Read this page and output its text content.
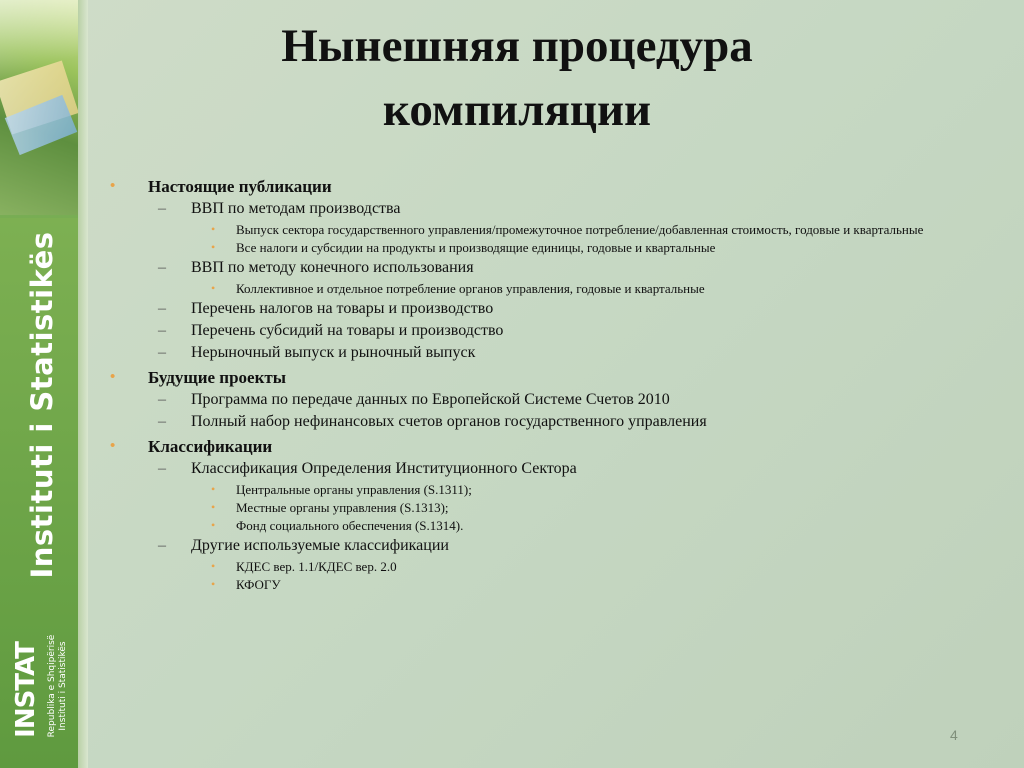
Instituti i Statistikës
INSTAT Republika e Shqipërisë Instituti i Statistikës
Нынешняя процедура
компиляции
• Настоящие публикации
– ВВП по методам производства
• Выпуск сектора государственного управления/промежуточное потребление/добавленная стоимость, годовые и квартальные
• Все налоги и субсидии на продукты и производящие единицы, годовые и квартальные
– ВВП по методу конечного использования
• Коллективное и отдельное потребление органов управления, годовые и квартальные
– Перечень налогов на товары и производство
– Перечень субсидий на товары и производство
– Нерыночный выпуск и рыночный выпуск
• Будущие проекты
– Программа по передаче данных по Европейской Системе Счетов 2010
– Полный набор нефинансовых счетов органов государственного управления
• Классификации
– Классификация Определения Институционного Сектора
• Центральные органы управления (S.1311);
• Местные органы управления (S.1313);
• Фонд социального обеспечения (S.1314).
– Другие используемые классификации
• КДЕС вер. 1.1/КДЕС вер. 2.0
• КФОГУ
4
